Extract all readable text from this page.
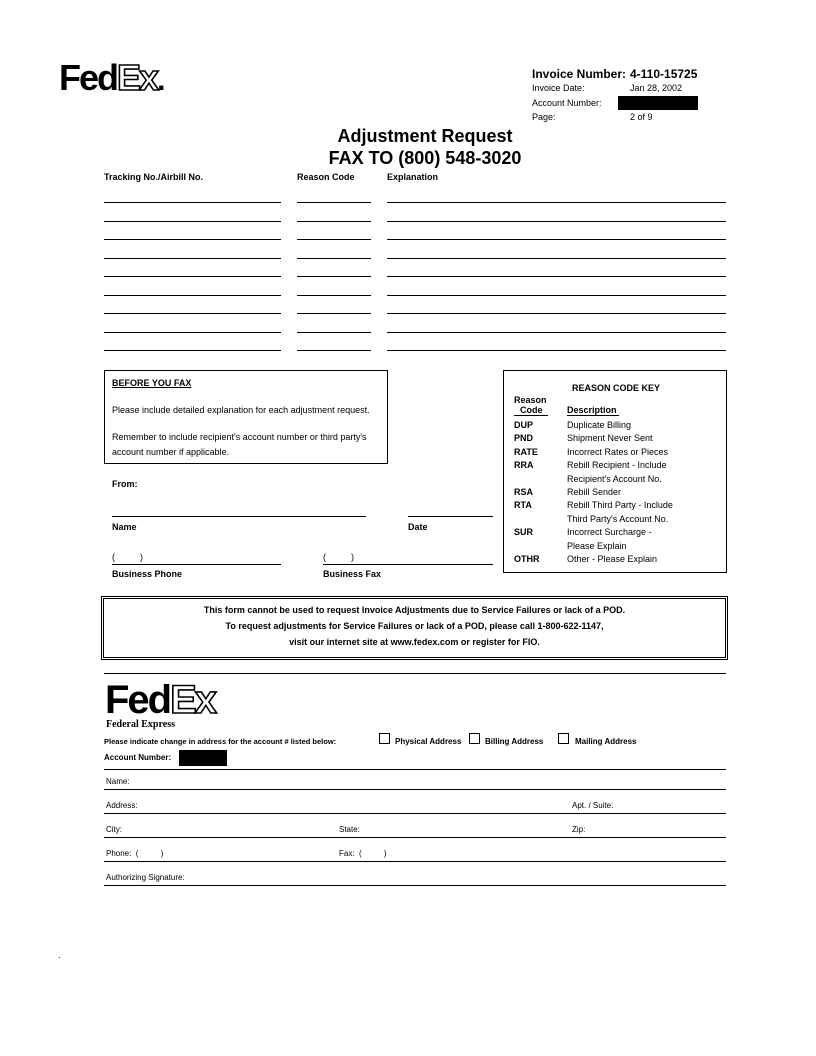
FedEx.	Invoice Number: 4-110-15725
Invoice Date:	Jan 28, 2002
Account Number:
Page:	2 of 9
Adjustment Request
FAX TO (800) 548-3020
Tracking No./Airbill No.	Reason Code	Explanation
BEFORE YOU FAX
Please include detailed explanation for each adjustment request.
Remember to include recipient's account number or third party's
account number if applicable.
From:
Name	Date
(          )	(          )
Business Phone	Business Fax
REASON CODE KEY
Reason
Code	Description
DUP	Duplicate Billing
PND	Shipment Never Sent
RATE	Incorrect Rates or Pieces
RRA	Rebill Recipient - Include
Recipient's Account No.
RSA	Rebill Sender
RTA	Rebill Third Party - Include
Third Party's Account No.
SUR	Incorrect Surcharge -
Please Explain
OTHR	Other - Please Explain
This form cannot be used to request Invoice Adjustments due to Service Failures or lack of a POD.
To request adjustments for Service Failures or lack of a POD, please call 1-800-622-1147,
visit our internet site at www.fedex.com or register for FIO.
FedEx
Federal Express
Please indicate change in address for the account # listed below:	Physical Address	Billing Address	Mailing Address
Account Number:
Name:
Address:	Apt. / Suite:
City:	State:	Zip:
Phone:  (          )	Fax:  (          )
Authorizing Signature:
.
